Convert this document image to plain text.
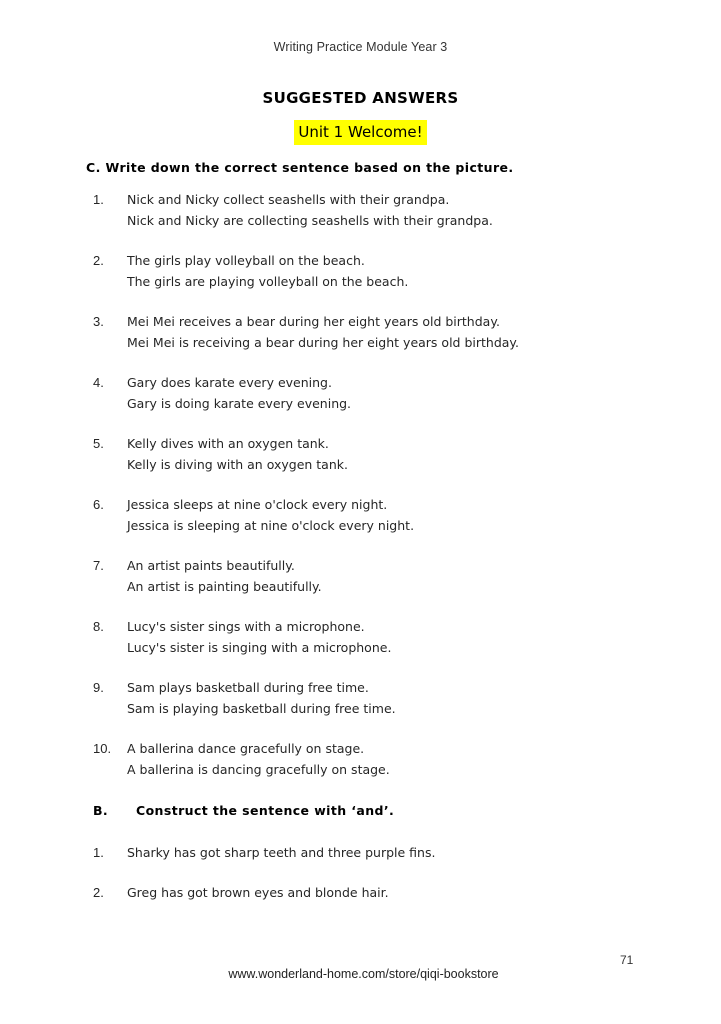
Writing Practice Module Year 3
SUGGESTED ANSWERS
Unit 1 Welcome!
C. Write down the correct sentence based on the picture.
1.	Nick and Nicky collect seashells with their grandpa.
Nick and Nicky are collecting seashells with their grandpa.
2.	The girls play volleyball on the beach.
The girls are playing volleyball on the beach.
3.	Mei Mei receives a bear during her eight years old birthday.
Mei Mei is receiving a bear during her eight years old birthday.
4.	Gary does karate every evening.
Gary is doing karate every evening.
5.	Kelly dives with an oxygen tank.
Kelly is diving with an oxygen tank.
6.	Jessica sleeps at nine o'clock every night.
Jessica is sleeping at nine o'clock every night.
7.	An artist paints beautifully.
An artist is painting beautifully.
8.	Lucy's sister sings with a microphone.
Lucy's sister is singing with a microphone.
9.	Sam plays basketball during free time.
Sam is playing basketball during free time.
10.	A ballerina dance gracefully on stage.
A ballerina is dancing gracefully on stage.
B. Construct the sentence with ‘and’.
1.	Sharky has got sharp teeth and three purple fins.
2.	Greg has got brown eyes and blonde hair.
71
www.wonderland-home.com/store/qiqi-bookstore
